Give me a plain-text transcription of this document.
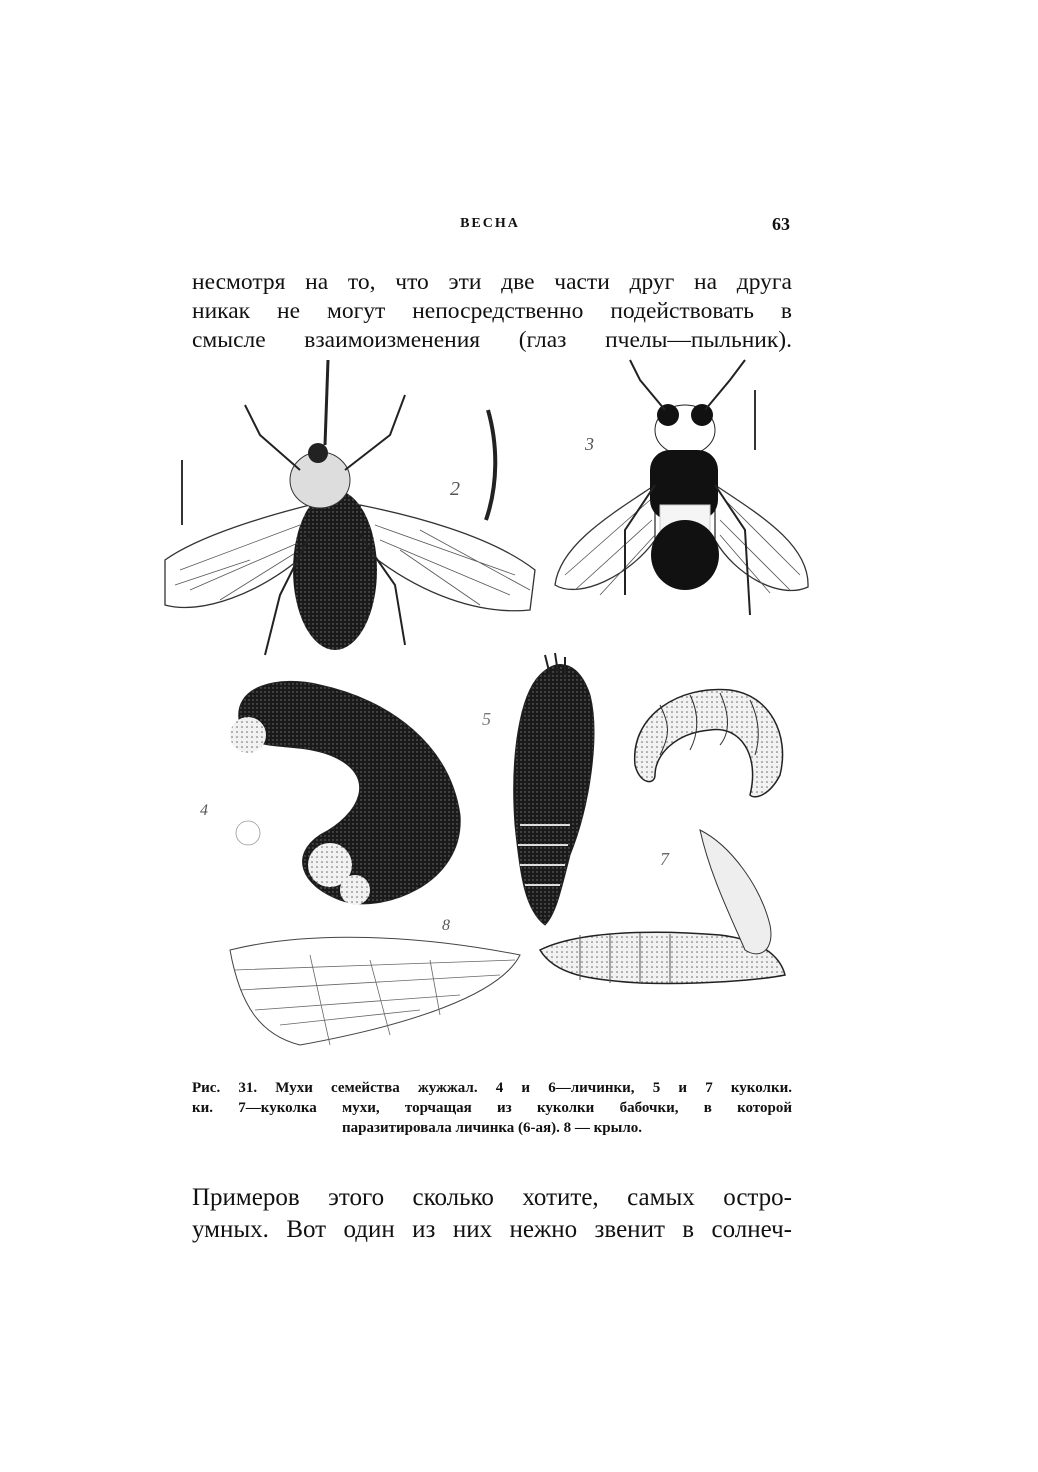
ВЕСНА	63
несмотря на то, что эти две части друг на друга
никак не могут непосредственно подействовать в
смысле взаимоизменения (глаз пчелы—пыльник).
2
3
4
5
7
8
Рис. 31. Мухи семейства жужжал. 4 и 6—личинки, 5 и 7 куколки.
ки. 7—куколка мухи, торчащая из куколки бабочки, в которой
паразитировала личинка (6-ая). 8 — крыло.
Примеров этого сколько хотите, самых остро-
умных. Вот один из них нежно звенит в солнеч-
